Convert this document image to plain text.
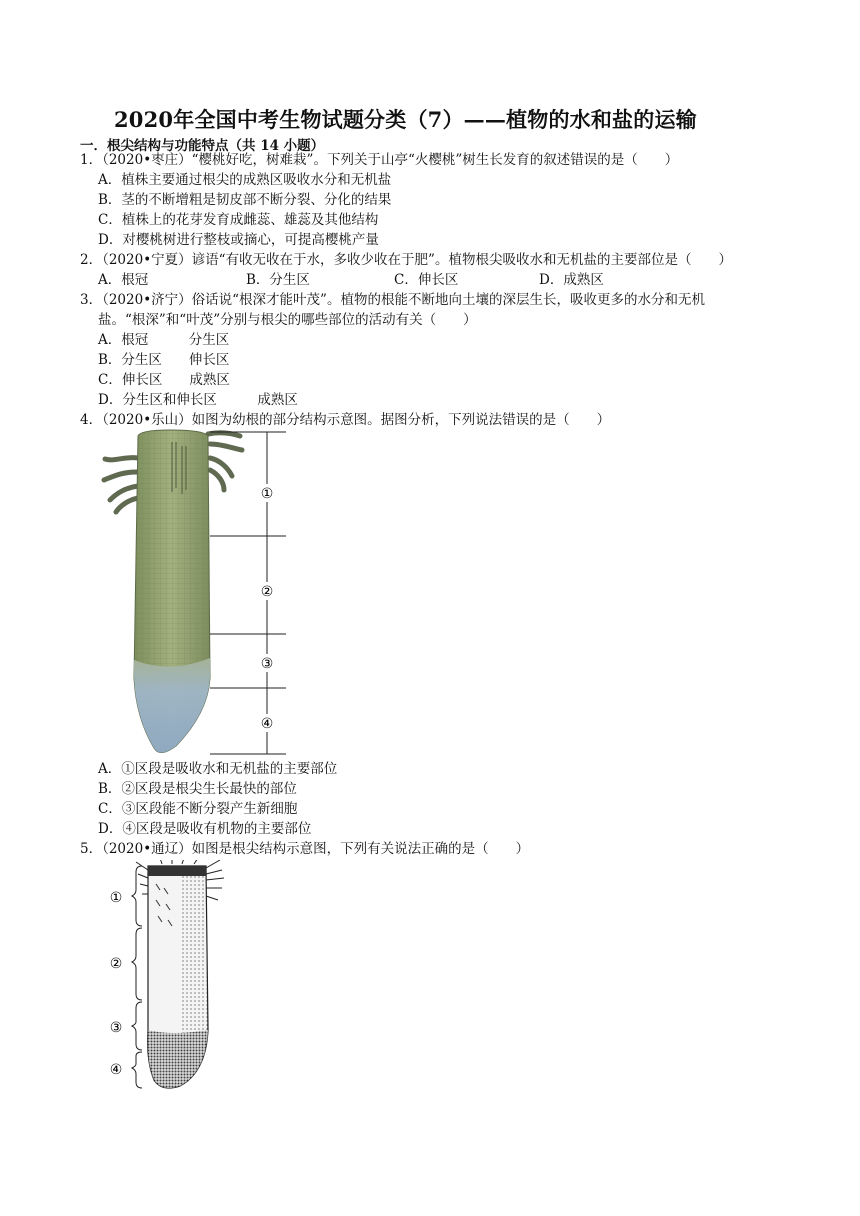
2020年全国中考生物试题分类（7）——植物的水和盐的运输
一．根尖结构与功能特点（共 14 小题）
1．（2020•枣庄）“樱桃好吃，树难栽”。下列关于山亭“火樱桃”树生长发育的叙述错误的是（　　）
A．植株主要通过根尖的成熟区吸收水分和无机盐
B．茎的不断增粗是韧皮部不断分裂、分化的结果
C．植株上的花芽发育成雌蕊、雄蕊及其他结构
D．对樱桃树进行整枝或摘心，可提高樱桃产量
2．（2020•宁夏）谚语“有收无收在于水，多收少收在于肥”。植物根尖吸收水和无机盐的主要部位是（　　）
A．根冠	B．分生区	C．伸长区	D．成熟区
3．（2020•济宁）俗话说“根深才能叶茂”。植物的根能不断地向土壤的深层生长，吸收更多的水分和无机
盐。“根深”和“叶茂”分别与根尖的哪些部位的活动有关（　　）
A．根冠　　　分生区
B．分生区　　伸长区
C．伸长区　　成熟区
D．分生区和伸长区　　　成熟区
4．（2020•乐山）如图为幼根的部分结构示意图。据图分析，下列说法错误的是（　　）
①
②
③
④
A．①区段是吸收水和无机盐的主要部位
B．②区段是根尖生长最快的部位
C．③区段能不断分裂产生新细胞
D．④区段是吸收有机物的主要部位
5．（2020•通辽）如图是根尖结构示意图，下列有关说法正确的是（　　）
①
②
③
④
